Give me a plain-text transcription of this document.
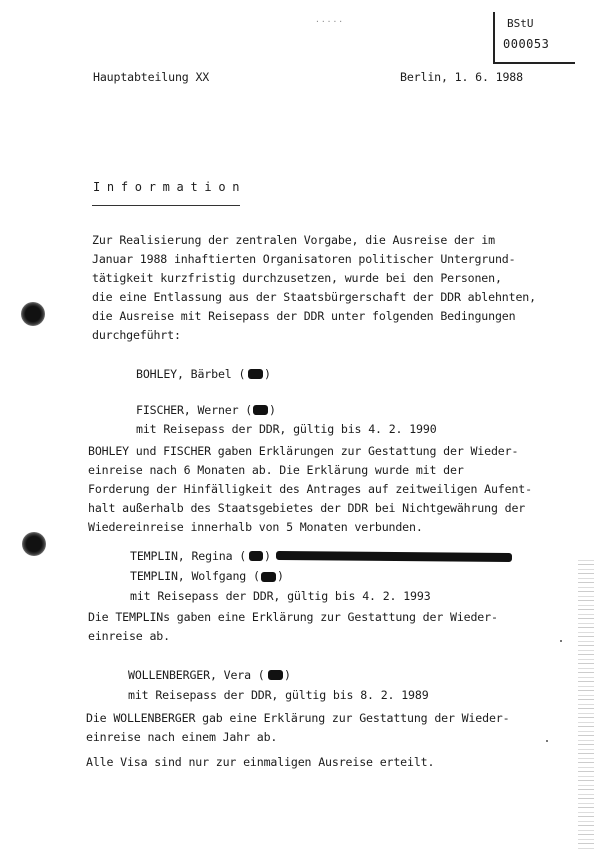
·····	BStU
000053
Hauptabteilung XX	Berlin, 1. 6. 1988
Information
Zur Realisierung der zentralen Vorgabe, die Ausreise der im
Januar 1988 inhaftierten Organisatoren politischer Untergrund-
tätigkeit kurzfristig durchzusetzen, wurde bei den Personen,
die eine Entlassung aus der Staatsbürgerschaft der DDR ablehnten,
die Ausreise mit Reisepass der DDR unter folgenden Bedingungen
durchgeführt:
BOHLEY, Bärbel ( )
FISCHER, Werner ( )
mit Reisepass der DDR, gültig bis 4. 2. 1990
BOHLEY und FISCHER gaben Erklärungen zur Gestattung der Wieder-
einreise nach 6 Monaten ab. Die Erklärung wurde mit der
Forderung der Hinfälligkeit des Antrages auf zeitweiligen Aufent-
halt außerhalb des Staatsgebietes der DDR bei Nichtgewährung der
Wiedereinreise innerhalb von 5 Monaten verbunden.
TEMPLIN, Regina ( )
TEMPLIN, Wolfgang ( )
mit Reisepass der DDR, gültig bis 4. 2. 1993
Die TEMPLINs gaben eine Erklärung zur Gestattung der Wieder-
einreise ab.
WOLLENBERGER, Vera ( )
mit Reisepass der DDR, gültig bis 8. 2. 1989
Die WOLLENBERGER gab eine Erklärung zur Gestattung der Wieder-
einreise nach einem Jahr ab.
Alle Visa sind nur zur einmaligen Ausreise erteilt.
